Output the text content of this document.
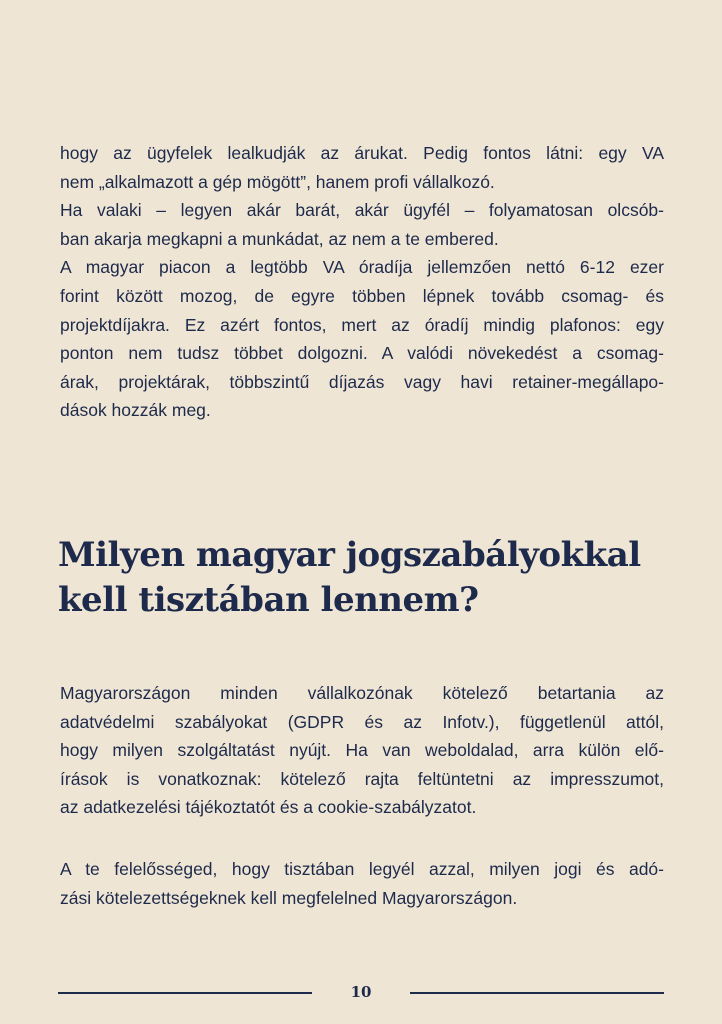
hogy az ügyfelek lealkudják az árukat. Pedig fontos látni: egy VA
nem „alkalmazott a gép mögött”, hanem profi vállalkozó.
Ha valaki – legyen akár barát, akár ügyfél – folyamatosan olcsób-
ban akarja megkapni a munkádat, az nem a te embered.
A magyar piacon a legtöbb VA óradíja jellemzően nettó 6-12 ezer
forint között mozog, de egyre többen lépnek tovább csomag- és
projektdíjakra. Ez azért fontos, mert az óradíj mindig plafonos: egy
ponton nem tudsz többet dolgozni. A valódi növekedést a csomag-
árak, projektárak, többszintű díjazás vagy havi retainer-megállapo-
dások hozzák meg.
Milyen magyar jogszabályokkal
kell tisztában lennem?
Magyarországon minden vállalkozónak kötelező betartania az
adatvédelmi szabályokat (GDPR és az Infotv.), függetlenül attól,
hogy milyen szolgáltatást nyújt. Ha van weboldalad, arra külön elő-
írások is vonatkoznak: kötelező rajta feltüntetni az impresszumot,
az adatkezelési tájékoztatót és a cookie-szabályzatot.
A te felelősséged, hogy tisztában legyél azzal, milyen jogi és adó-
zási kötelezettségeknek kell megfelelned Magyarországon.
10
